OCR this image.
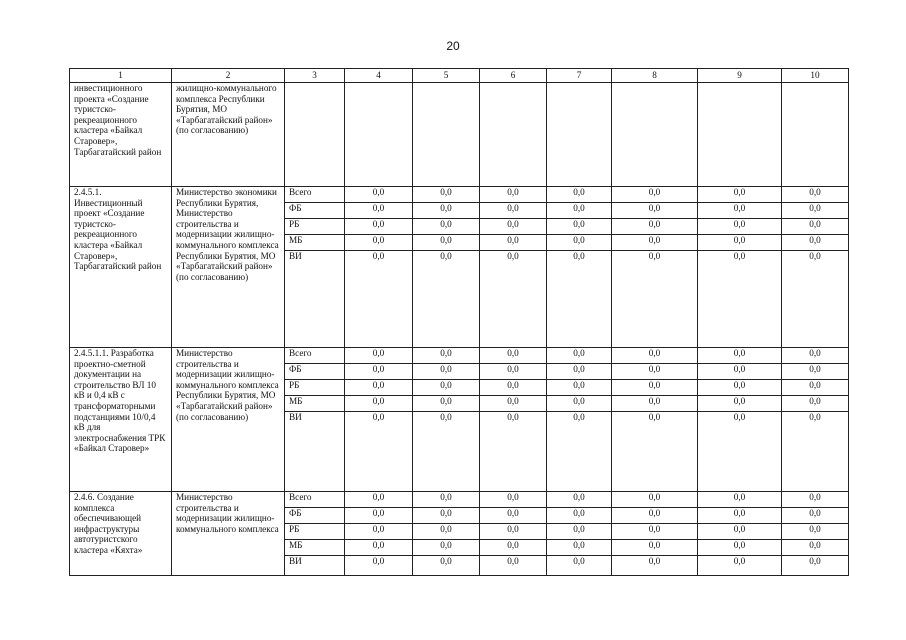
20
1	2	3	4	5	6	7	8	9	10
инвестиционного проекта «Создание туристско-рекреационного кластера «Байкал Старовер», Тарбагатайский район	жилищно-коммунального комплекса Республики Бурятия, МО «Тарбагатайский район» (по согласованию)								
2.4.5.1. Инвестиционный проект «Создание туристско-рекреационного кластера «Байкал Старовер», Тарбагатайский район	Министерство экономики Республики Бурятия, Министерство строительства и модернизации жилищно-коммунального комплекса Республики Бурятия, МО «Тарбагатайский район» (по согласованию)	Всего	0,0	0,0	0,0	0,0	0,0	0,0	0,0
		ФБ	0,0	0,0	0,0	0,0	0,0	0,0	0,0
		РБ	0,0	0,0	0,0	0,0	0,0	0,0	0,0
		МБ	0,0	0,0	0,0	0,0	0,0	0,0	0,0
		ВИ	0,0	0,0	0,0	0,0	0,0	0,0	0,0
2.4.5.1.1. Разработка проектно-сметной документации на строительство ВЛ 10 кВ и 0,4 кВ с трансформаторными подстанциями 10/0,4 кВ для электроснабжения ТРК «Байкал Старовер»	Министерство строительства и модернизации жилищно-коммунального комплекса Республики Бурятия, МО «Тарбагатайский район» (по согласованию)	Всего	0,0	0,0	0,0	0,0	0,0	0,0	0,0
		ФБ	0,0	0,0	0,0	0,0	0,0	0,0	0,0
		РБ	0,0	0,0	0,0	0,0	0,0	0,0	0,0
		МБ	0,0	0,0	0,0	0,0	0,0	0,0	0,0
		ВИ	0,0	0,0	0,0	0,0	0,0	0,0	0,0
2.4.6. Создание комплекса обеспечивающей инфраструктуры автотуристского кластера «Кяхта»	Министерство строительства и модернизации жилищно-коммунального комплекса	Всего	0,0	0,0	0,0	0,0	0,0	0,0	0,0
		ФБ	0,0	0,0	0,0	0,0	0,0	0,0	0,0
		РБ	0,0	0,0	0,0	0,0	0,0	0,0	0,0
		МБ	0,0	0,0	0,0	0,0	0,0	0,0	0,0
		ВИ	0,0	0,0	0,0	0,0	0,0	0,0	0,0
